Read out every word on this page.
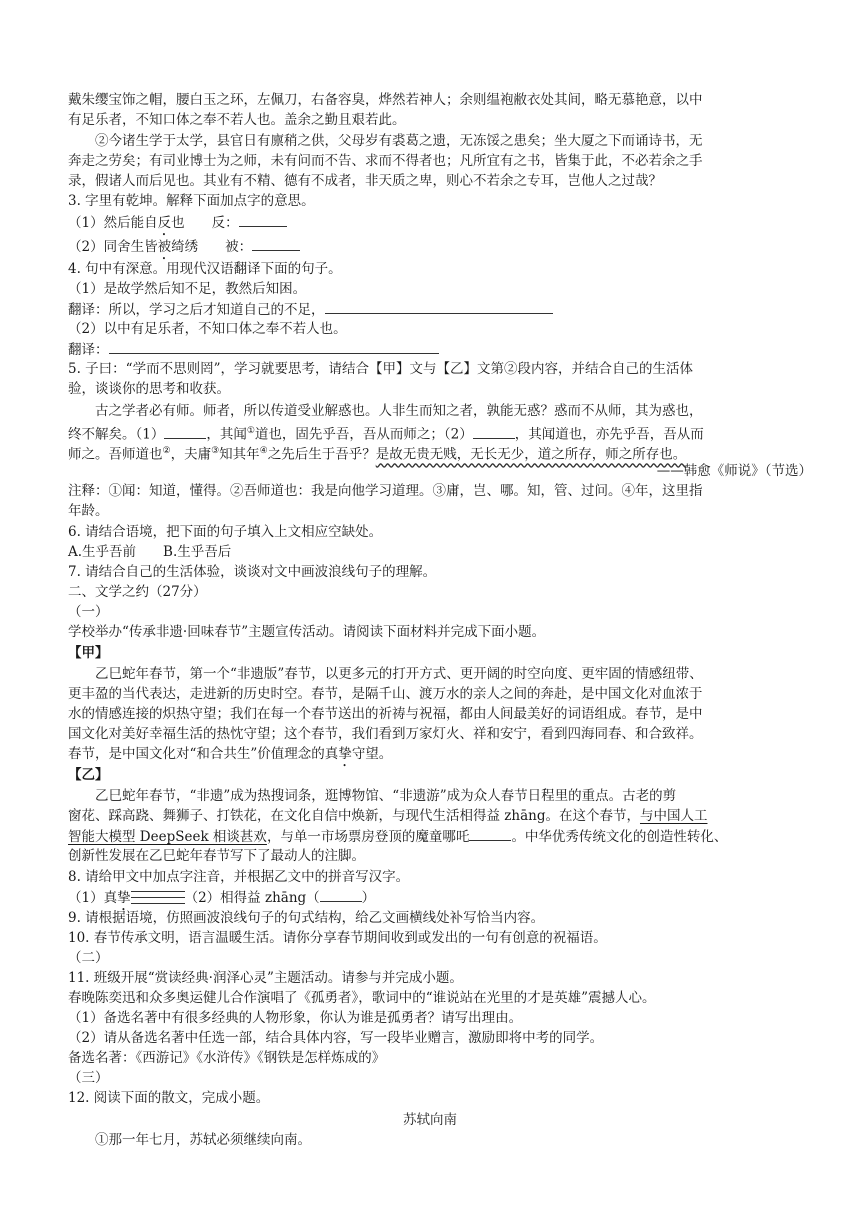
戴朱缨宝饰之帽，腰白玉之环，左佩刀，右备容臭，烨然若神人；余则缊袍敝衣处其间，略无慕艳意，以中
有足乐者，不知口体之奉不若人也。盖余之勤且艰若此。
②今诸生学于太学，县官日有廪稍之供，父母岁有裘葛之遗，无冻馁之患矣；坐大厦之下而诵诗书，无
奔走之劳矣；有司业博士为之师，未有问而不告、求而不得者也；凡所宜有之书，皆集于此，不必若余之手
录，假诸人而后见也。其业有不精、德有不成者，非天质之卑，则心不若余之专耳，岂他人之过哉？
3. 字里有乾坤。解释下面加点字的意思。
（1）然后能自反也　　反：
（2）同舍生皆被绮绣　　被：
4. 句中有深意。用现代汉语翻译下面的句子。
（1）是故学然后知不足，教然后知困。
翻译：所以，学习之后才知道自己的不足，
（2）以中有足乐者，不知口体之奉不若人也。
翻译：
5. 子曰：“学而不思则罔”，学习就要思考，请结合【甲】文与【乙】文第②段内容，并结合自己的生活体
验，谈谈你的思考和收获。
古之学者必有师。师者，所以传道受业解惑也。人非生而知之者，孰能无惑？惑而不从师，其为惑也，
终不解矣。（1）	，其闻①道也，固先乎吾，吾从而师之；（2）	，其闻道也，亦先乎吾，吾从而
师之。吾师道也②，夫庸③知其年④之先后生于吾乎？是故无贵无贱，无长无少，道之所存，师之所存也。
——韩愈《师说》（节选）
注释：①闻：知道，懂得。②吾师道也：我是向他学习道理。③庸，岂、哪。知，管、过问。④年，这里指
年龄。
6. 请结合语境，把下面的句子填入上文相应空缺处。
A.生乎吾前　　B.生乎吾后
7. 请结合自己的生活体验，谈谈对文中画波浪线句子的理解。
二、文学之约（27分）
（一）
学校举办“传承非遗·回味春节”主题宣传活动。请阅读下面材料并完成下面小题。
【甲】
乙巳蛇年春节，第一个“非遗版”春节，以更多元的打开方式、更开阔的时空向度、更牢固的情感纽带、
更丰盈的当代表达，走进新的历史时空。春节，是隔千山、渡万水的亲人之间的奔赴，是中国文化对血浓于
水的情感连接的炽热守望；我们在每一个春节送出的祈祷与祝福，都由人间最美好的词语组成。春节，是中
国文化对美好幸福生活的热忱守望；这个春节，我们看到万家灯火、祥和安宁，看到四海同春、和合致祥。
春节，是中国文化对“和合共生”价值理念的真挚守望。
【乙】
乙巳蛇年春节，“非遗”成为热搜词条，逛博物馆、“非遗游”成为众人春节日程里的重点。古老的剪
窗花、踩高跷、舞狮子、打铁花，在文化自信中焕新，与现代生活相得益 zhāng。在这个春节，与中国人工
智能大模型 DeepSeek 相谈甚欢，与单一市场票房登顶的魔童哪吒	。中华优秀传统文化的创造性转化、
创新性发展在乙巳蛇年春节写下了最动人的注脚。
8. 请给甲文中加点字注音，并根据乙文中的拼音写汉字。
（1）真挚	（2）相得益 zhāng（	）
9. 请根据语境，仿照画波浪线句子的句式结构，给乙文画横线处补写恰当内容。
10. 春节传承文明，语言温暖生活。请你分享春节期间收到或发出的一句有创意的祝福语。
（二）
11. 班级开展“赏读经典·润泽心灵”主题活动。请参与并完成小题。
春晚陈奕迅和众多奥运健儿合作演唱了《孤勇者》，歌词中的“谁说站在光里的才是英雄”震撼人心。
（1）备选名著中有很多经典的人物形象，你认为谁是孤勇者？请写出理由。
（2）请从备选名著中任选一部，结合具体内容，写一段毕业赠言，激励即将中考的同学。
备选名著：《西游记》《水浒传》《钢铁是怎样炼成的》
（三）
12. 阅读下面的散文，完成小题。
苏轼向南
①那一年七月，苏轼必须继续向南。
